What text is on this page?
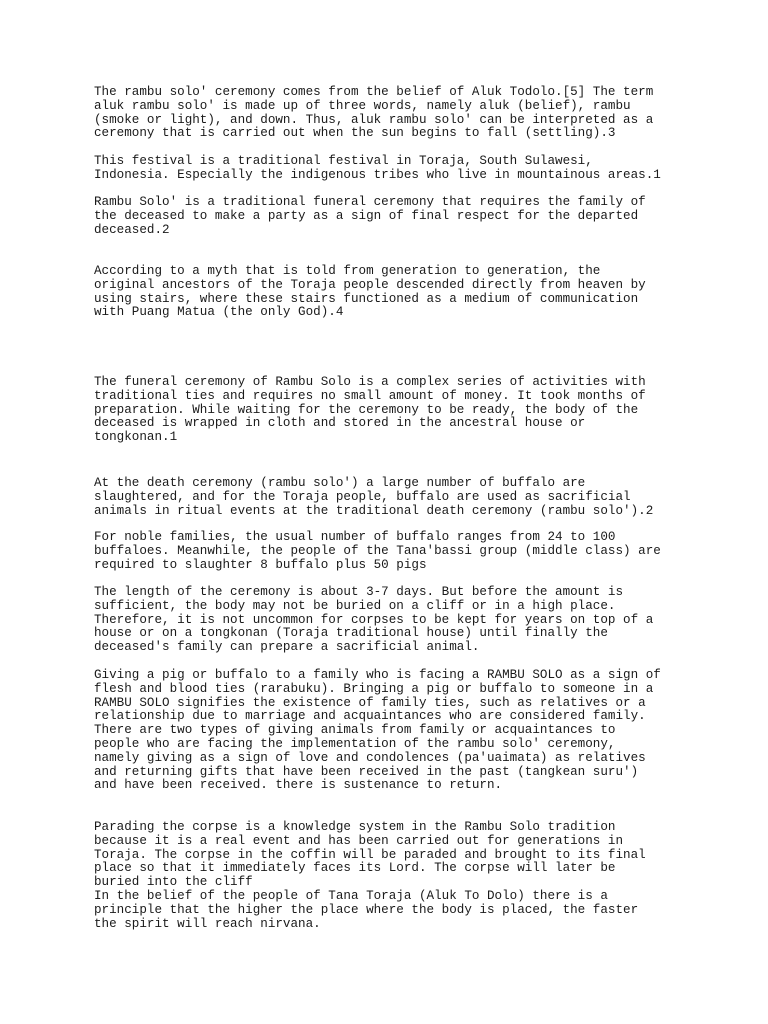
The rambu solo' ceremony comes from the belief of Aluk Todolo.[5] The term
aluk rambu solo' is made up of three words, namely aluk (belief), rambu
(smoke or light), and down. Thus, aluk rambu solo' can be interpreted as a
ceremony that is carried out when the sun begins to fall (settling).3

This festival is a traditional festival in Toraja, South Sulawesi,
Indonesia. Especially the indigenous tribes who live in mountainous areas.1

Rambu Solo' is a traditional funeral ceremony that requires the family of
the deceased to make a party as a sign of final respect for the departed
deceased.2

According to a myth that is told from generation to generation, the
original ancestors of the Toraja people descended directly from heaven by
using stairs, where these stairs functioned as a medium of communication
with Puang Matua (the only God).4

The funeral ceremony of Rambu Solo is a complex series of activities with
traditional ties and requires no small amount of money. It took months of
preparation. While waiting for the ceremony to be ready, the body of the
deceased is wrapped in cloth and stored in the ancestral house or
tongkonan.1

At the death ceremony (rambu solo') a large number of buffalo are
slaughtered, and for the Toraja people, buffalo are used as sacrificial
animals in ritual events at the traditional death ceremony (rambu solo').2

For noble families, the usual number of buffalo ranges from 24 to 100
buffaloes. Meanwhile, the people of the Tana'bassi group (middle class) are
required to slaughter 8 buffalo plus 50 pigs

The length of the ceremony is about 3-7 days. But before the amount is
sufficient, the body may not be buried on a cliff or in a high place.
Therefore, it is not uncommon for corpses to be kept for years on top of a
house or on a tongkonan (Toraja traditional house) until finally the
deceased's family can prepare a sacrificial animal.

Giving a pig or buffalo to a family who is facing a RAMBU SOLO as a sign of
flesh and blood ties (rarabuku). Bringing a pig or buffalo to someone in a
RAMBU SOLO signifies the existence of family ties, such as relatives or a
relationship due to marriage and acquaintances who are considered family.
There are two types of giving animals from family or acquaintances to
people who are facing the implementation of the rambu solo' ceremony,
namely giving as a sign of love and condolences (pa'uaimata) as relatives
and returning gifts that have been received in the past (tangkean suru')
and have been received. there is sustenance to return.

Parading the corpse is a knowledge system in the Rambu Solo tradition
because it is a real event and has been carried out for generations in
Toraja. The corpse in the coffin will be paraded and brought to its final
place so that it immediately faces its Lord. The corpse will later be
buried into the cliff
In the belief of the people of Tana Toraja (Aluk To Dolo) there is a
principle that the higher the place where the body is placed, the faster
the spirit will reach nirvana.
